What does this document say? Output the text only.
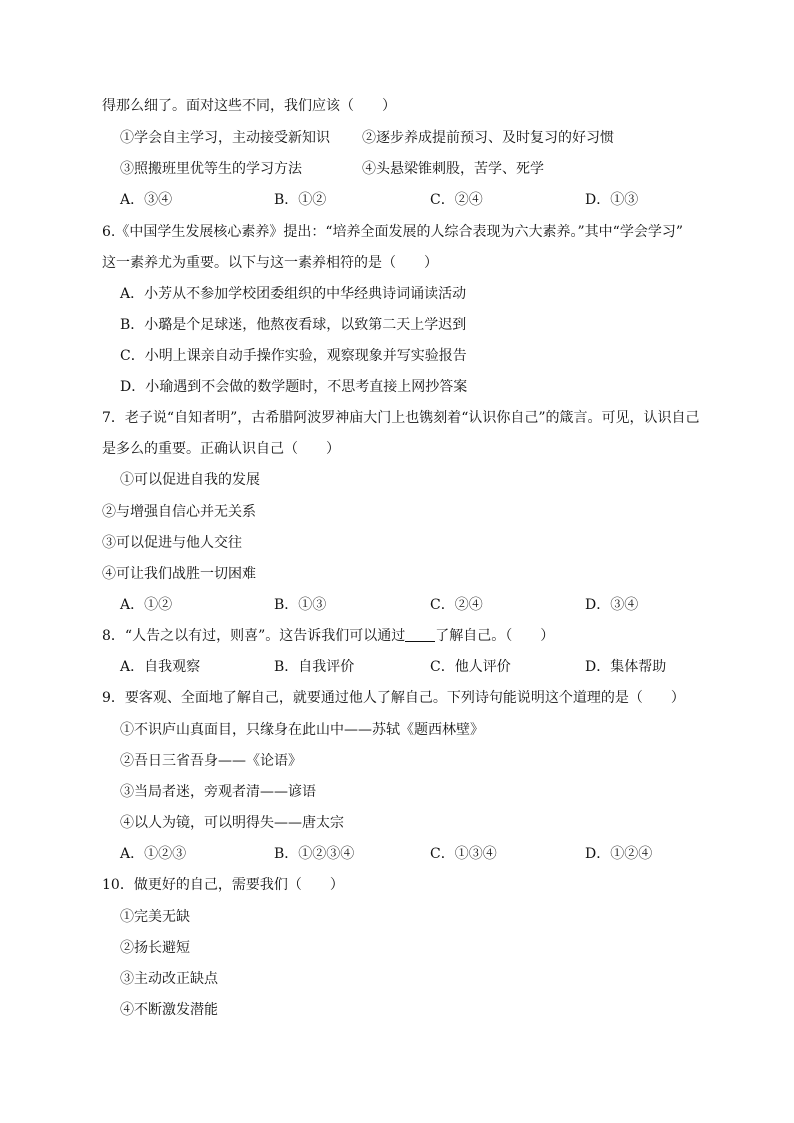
得那么细了。面对这些不同，我们应该（　　）
①学会自主学习，主动接受新知识 ②逐步养成提前预习、及时复习的好习惯
③照搬班里优等生的学习方法	④头悬梁锥刺股，苦学、死学
A．③④	B．①②	C．②④	D．①③
6.《中国学生发展核心素养》提出：“培养全面发展的人综合表现为六大素养。”其中“学会学习”
这一素养尤为重要。以下与这一素养相符的是（　　）
A．小芳从不参加学校团委组织的中华经典诗词诵读活动
B．小璐是个足球迷，他熬夜看球，以致第二天上学迟到
C．小明上课亲自动手操作实验，观察现象并写实验报告
D．小瑜遇到不会做的数学题时，不思考直接上网抄答案
7．老子说“自知者明”，古希腊阿波罗神庙大门上也镌刻着“认识你自己”的箴言。可见，认识自己
是多么的重要。正确认识自己（　　）
①可以促进自我的发展
②与增强自信心并无关系
③可以促进与他人交往
④可让我们战胜一切困难
A．①②	B．①③	C．②④	D．③④
8．“人告之以有过，则喜”。这告诉我们可以通过 了解自己。（　　）
A．自我观察	B．自我评价	C．他人评价	D．集体帮助
9．要客观、全面地了解自己，就要通过他人了解自己。下列诗句能说明这个道理的是（　　）
①不识庐山真面目，只缘身在此山中——苏轼《题西林壁》
②吾日三省吾身——《论语》
③当局者迷，旁观者清——谚语
④以人为镜，可以明得失——唐太宗
A．①②③	B．①②③④	C．①③④	D．①②④
10．做更好的自己，需要我们（　　）
①完美无缺
②扬长避短
③主动改正缺点
④不断激发潜能
